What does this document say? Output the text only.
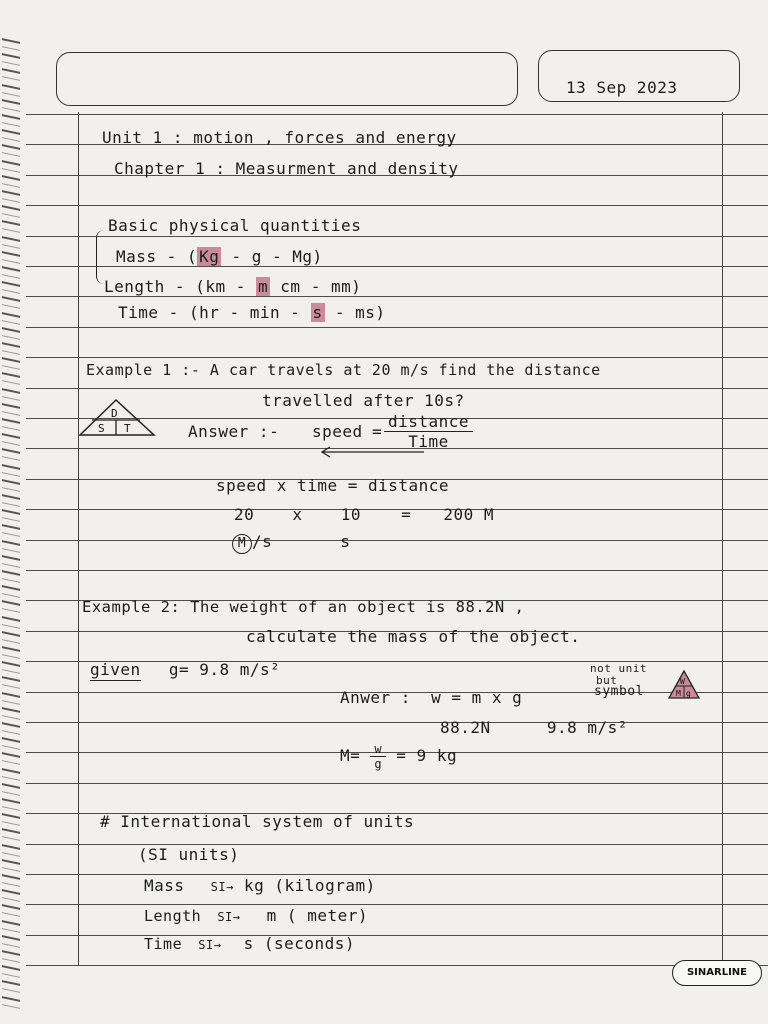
13 Sep 2023
Unit 1 : motion , forces and energy
Chapter 1 : Measurment and density
Basic physical quantities
Mass - ( Kg - g - Mg)
Length - (km - m cm - mm)
Time - (hr - min - s - ms)
Example 1 :- A car travels at 20 m/s find the distance
travelled after 10s?
D
S T	Answer :- speed = $\frac{\text{distance}}{\text{Time}}$
speed x time = distance
20 x 10	= 200 M
M /s	s
Example 2: The weight of an object is 88.2N ,
calculate the mass of the object.
given g= 9.8 m/s²	not unit
but
symbol
W
M g
Anwer : w = m x g
88.2N	9.8 m/s²
$M= \frac{w}{g} = 9$ kg
# International system of units
(SI units)
Mass SI→ kg (kilogram)
Length SI→ m ( meter)
Time SI→ s (seconds)
SINARLINE
